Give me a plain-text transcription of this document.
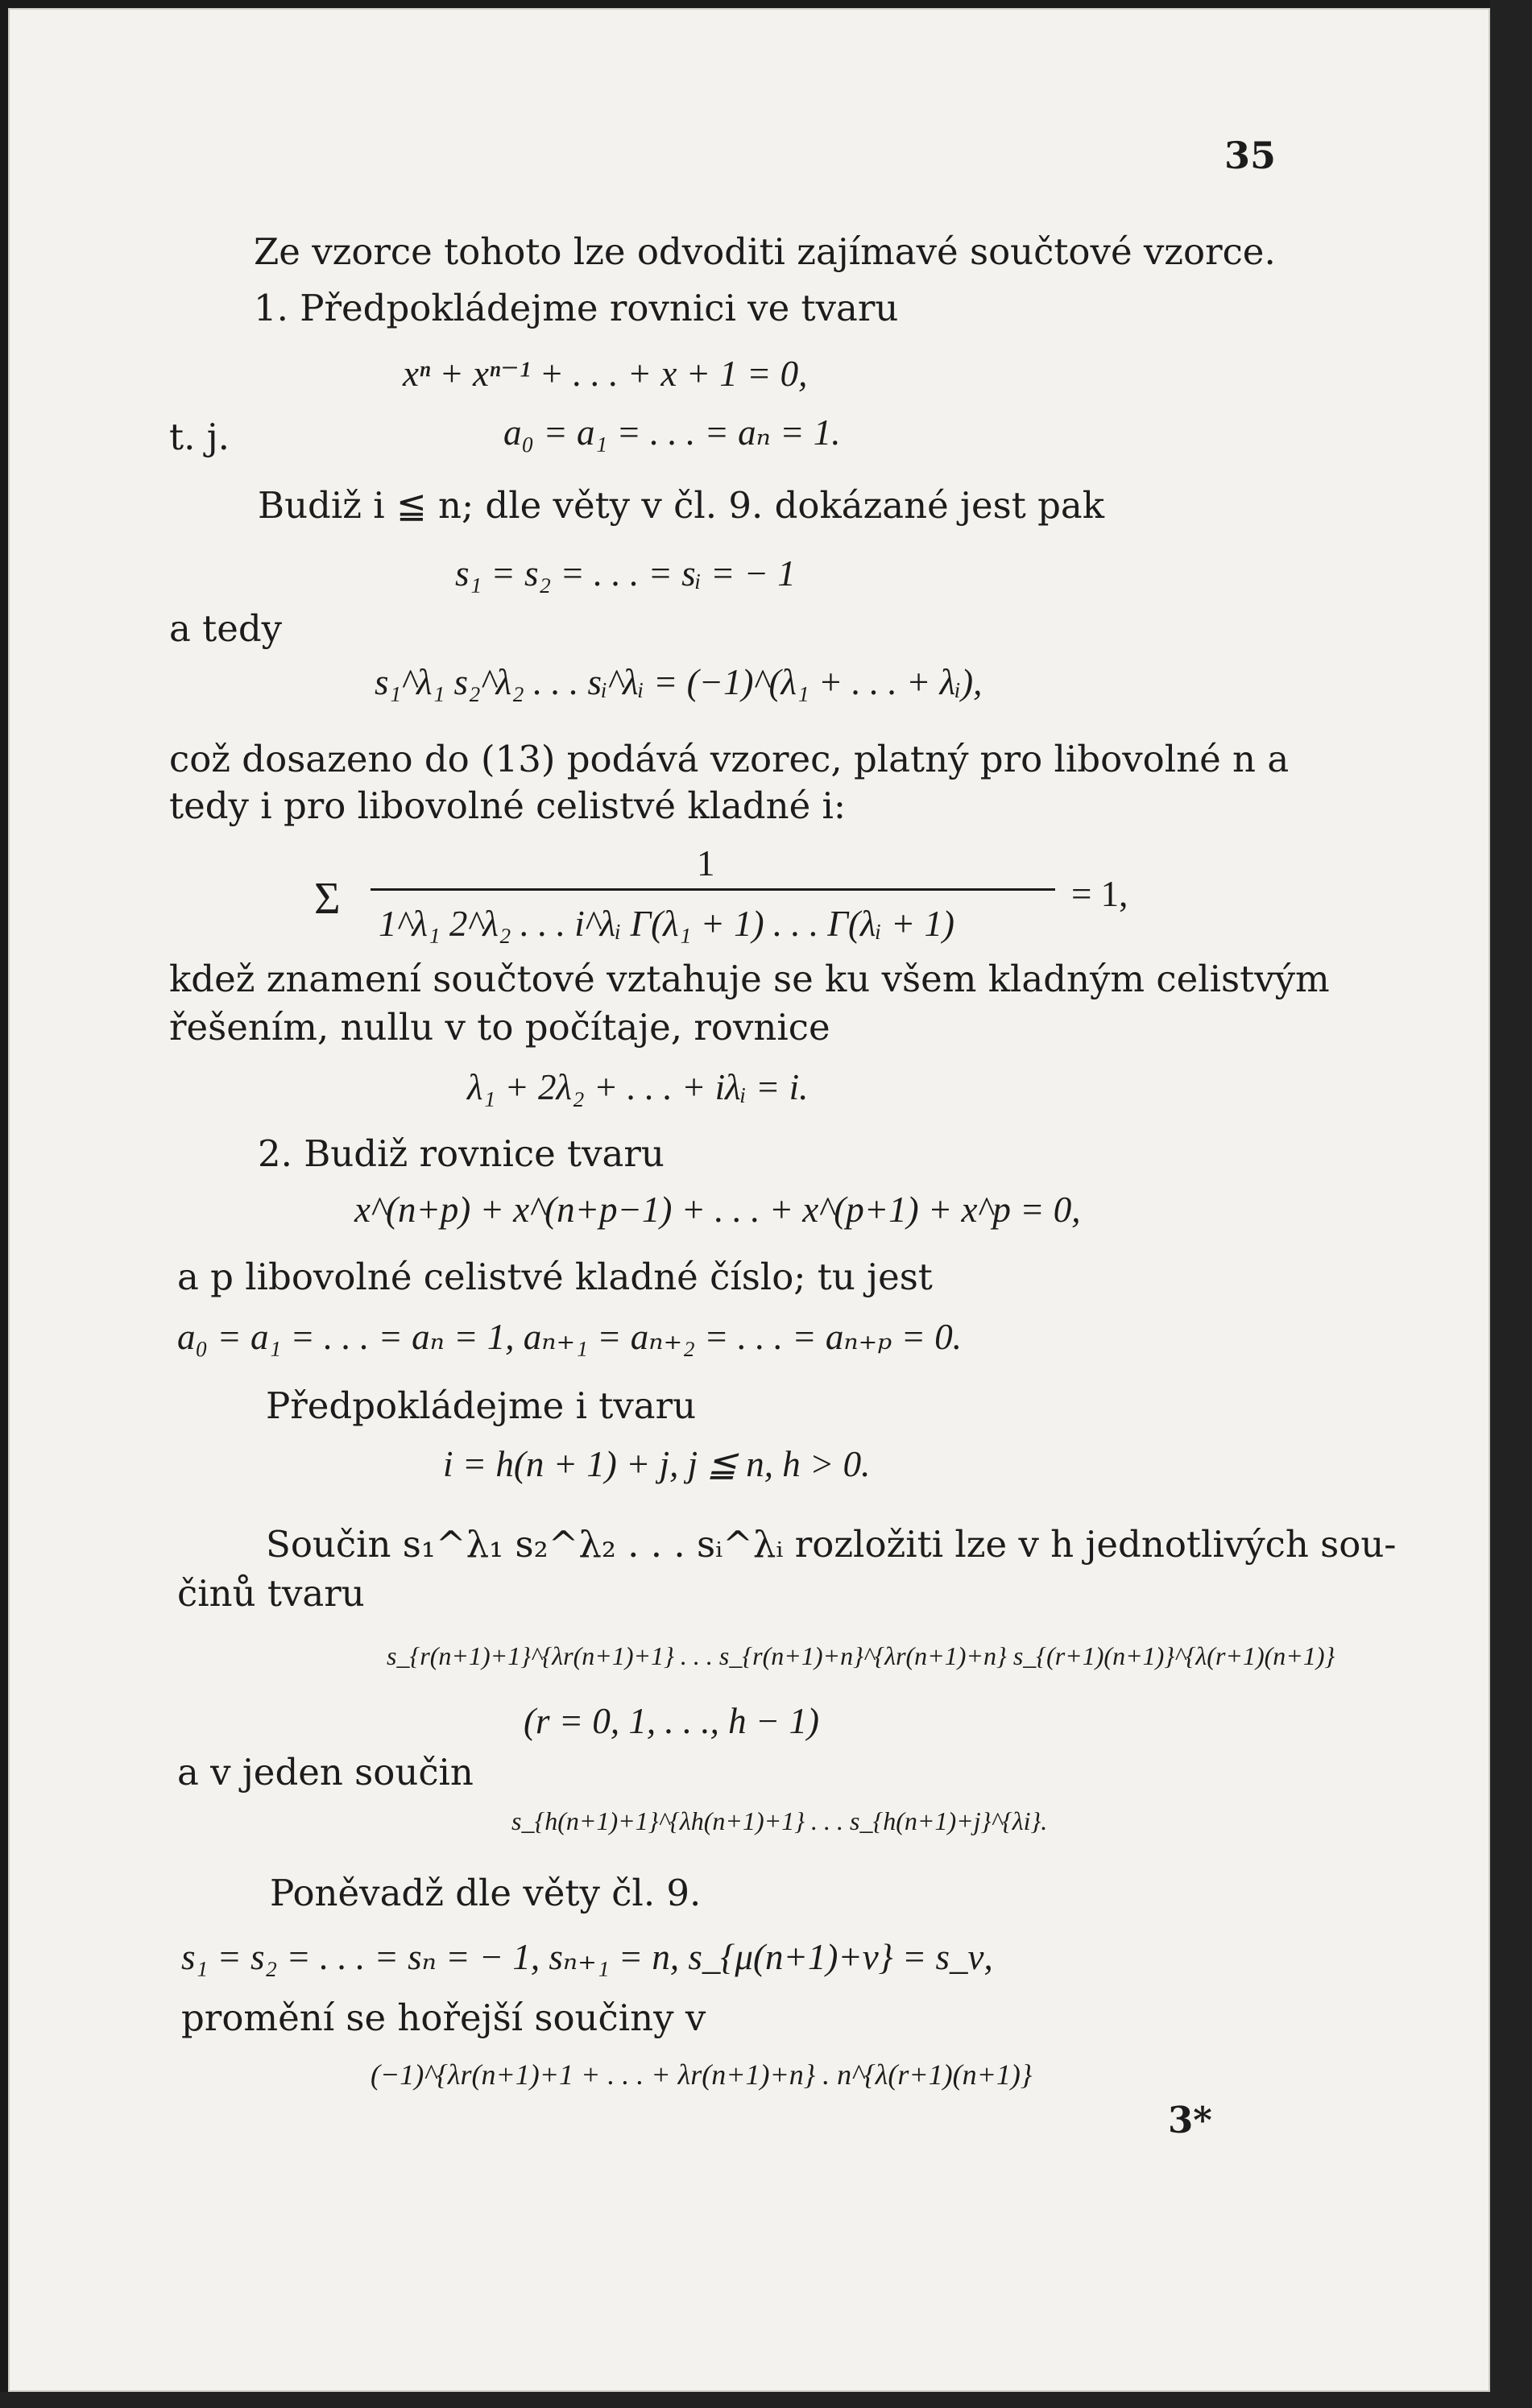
35
Ze vzorce tohoto lze odvoditi zajímavé součtové vzorce.
1. Předpokládejme rovnici ve tvaru
xⁿ + xⁿ⁻¹ + . . . + x + 1 = 0,
t. j.	a₀ = a₁ = . . . = aₙ = 1.
Budiž i ≦ n; dle věty v čl. 9. dokázané jest pak
s₁ = s₂ = . . . = sᵢ = − 1
a tedy
s₁^λ₁ s₂^λ₂ . . . sᵢ^λᵢ = (−1)^(λ₁ + . . . + λᵢ),
což dosazeno do (13) podává vzorec, platný pro libovolné n a
tedy i pro libovolné celistvé kladné i:
1
Σ 1^λ₁ 2^λ₂ . . . i^λᵢ Γ(λ₁ + 1) . . . Γ(λᵢ + 1)
= 1,
kdež znamení součtové vztahuje se ku všem kladným celistvým
řešením, nullu v to počítaje, rovnice
λ₁ + 2λ₂ + . . . + iλᵢ = i.
2. Budiž rovnice tvaru
x^(n+p) + x^(n+p−1) + . . . + x^(p+1) + x^p = 0,
a p libovolné celistvé kladné číslo; tu jest
a₀ = a₁ = . . . = aₙ = 1, aₙ₊₁ = aₙ₊₂ = . . . = aₙ₊ₚ = 0.
Předpokládejme i tvaru
i = h(n + 1) + j, j ≦ n, h > 0.
Součin s₁^λ₁ s₂^λ₂ . . . sᵢ^λᵢ rozložiti lze v h jednotlivých sou-
činů tvaru
s_{r(n+1)+1}^{λr(n+1)+1} . . . s_{r(n+1)+n}^{λr(n+1)+n} s_{(r+1)(n+1)}^{λ(r+1)(n+1)}
(r = 0, 1, . . ., h − 1)
a v jeden součin
s_{h(n+1)+1}^{λh(n+1)+1} . . . s_{h(n+1)+j}^{λi}.
Poněvadž dle věty čl. 9.
s₁ = s₂ = . . . = sₙ = − 1, sₙ₊₁ = n, s_{μ(n+1)+ν} = s_ν,
promění se hořejší součiny v
(−1)^{λr(n+1)+1 + . . . + λr(n+1)+n} . n^{λ(r+1)(n+1)}
3*
